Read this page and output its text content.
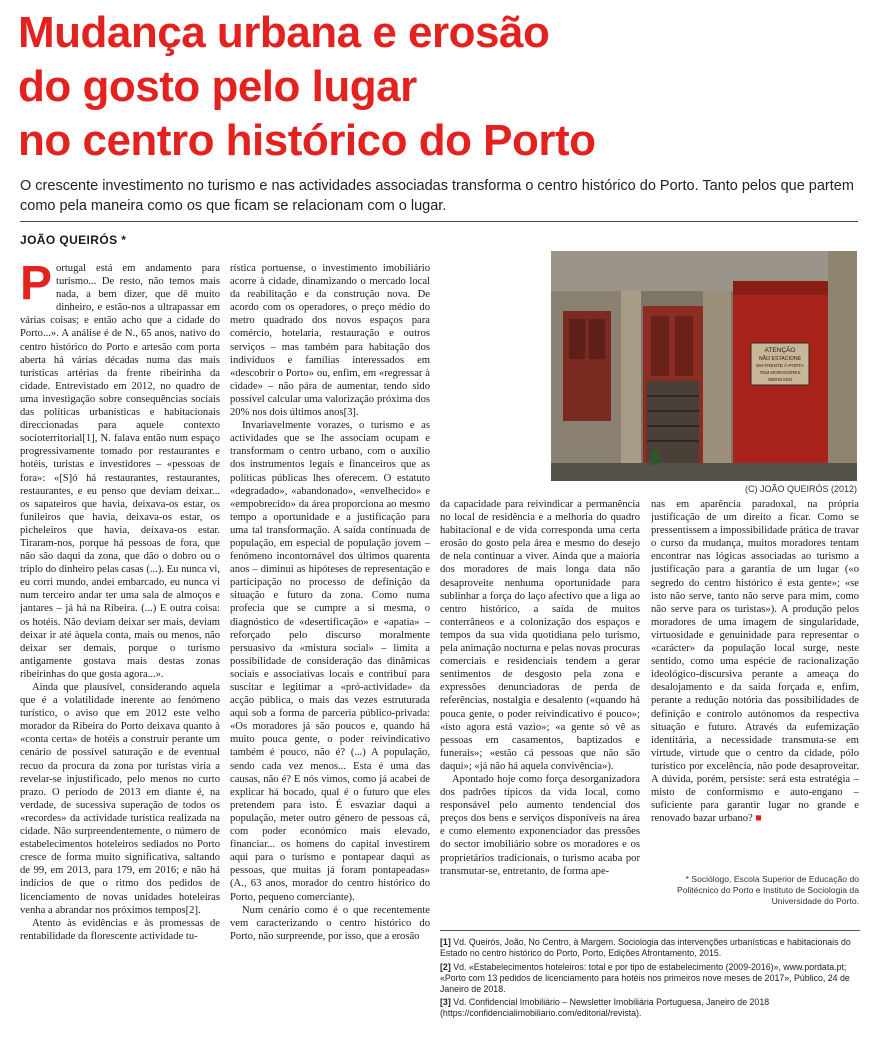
Mudança urbana e erosão
do gosto pelo lugar
no centro histórico do Porto

O crescente investimento no turismo e nas actividades associadas transforma o centro histórico do Porto. Tanto pelos que partem como pela maneira como os que ficam se relacionam com o lugar.

JOÃO QUEIRÓS *

Portugal está em andamento para turismo... De resto, não temos mais nada, a bem dizer, que dê muito dinheiro, e estão-nos a ultrapassar em várias coisas; e então acho que a cidade do Porto...». A análise é de N., 65 anos, nativo do centro histórico do Porto e artesão com porta aberta há várias décadas numa das mais turísticas artérias da frente ribeirinha da cidade. Entrevistado em 2012, no quadro de uma investigação sobre consequências sociais das políticas urbanísticas e habitacionais direccionadas para aquele contexto socioterritorial[1], N. falava então num espaço progressivamente tomado por restaurantes e hotéis, turistas e investidores – «pessoas de fora»: «[S]ó há restaurantes, restaurantes, restaurantes, e eu penso que deviam deixar... os sapateiros que havia, deixava-os estar, os funileiros que havia, deixava-os estar, os picheleiros que havia, deixava-os estar. Tiraram-nos, porque há pessoas de fora, que não são daqui da zona, que dão o dobro ou o triplo do dinheiro pelas casas (...). Eu nunca vi, eu corri mundo, andei embarcado, eu nunca vi num terceiro andar ter uma sala de almoços e jantares – já há na Ribeira. (...) E outra coisa: os hotéis. Não deviam deixar ser mais, deviam deixar ir até àquela conta, mais ou menos, não deixar ser demais, porque o turismo antigamente gostava mais destas zonas ribeirinhas do que gosta agora...».

Ainda que plausível, considerando aquela que é a volatilidade inerente ao fenómeno turístico, o aviso que em 2012 este velho morador da Ribeira do Porto deixava quanto à «conta certa» de hotéis a construir perante um cenário de possível saturação e de eventual recuo da procura da zona por turistas viria a revelar-se injustificado, pelo menos no curto prazo. O período de 2013 em diante é, na verdade, de sucessiva superação de todos os «recordes» da actividade turística realizada na cidade. Não surpreendentemente, o número de estabelecimentos hoteleiros sediados no Porto cresce de forma muito significativa, saltando de 99, em 2013, para 179, em 2016; e não há indícios de que o ritmo dos pedidos de licenciamento de novas unidades hoteleiras venha a abrandar nos próximos tempos[2].

Atento às evidências e às promessas de rentabilidade da florescente actividade tu-

rística portuense, o investimento imobiliário acorre à cidade, dinamizando o mercado local da reabilitação e da construção nova. De acordo com os operadores, o preço médio do metro quadrado dos novos espaços para comércio, hotelaria, restauração e outros serviços – mas também para habitação dos indivíduos e famílias interessados em «descobrir o Porto» ou, enfim, em «regressar à cidade» – não pára de aumentar, tendo sido possível calcular uma valorização próxima dos 20% nos dois últimos anos[3].

Invariavelmente vorazes, o turismo e as actividades que se lhe associam ocupam e transformam o centro urbano, com o auxílio dos instrumentos legais e financeiros que as políticas públicas lhes oferecem. O estatuto «degradado», «abandonado», «envelhecido» e «empobrecido» da área proporciona ao mesmo tempo a oportunidade e a justificação para uma tal transformação. A saída contínuada de população, em especial de população jovem – fenómeno incontornável dos últimos quarenta anos – diminui as hipóteses de representação e participação no processo de definição da situação e futuro da zona. Como numa profecia que se cumpre a si mesma, o diagnóstico de «desertificação» e «apatia» – reforçado pelo discurso moralmente persuasivo da «mistura social» – limita a possibilidade de consideração das dinâmicas sociais e associativas locais e contribui para suscitar e legitimar a «pró-actividade» da acção pública, o mais das vezes estruturada aqui sob a forma de parceria público-privada: «Os moradores já são poucos e, quando há muito pouca gente, o poder reivindicativo também é pouco, não é? (...) A população, sendo cada vez menos... Esta é uma das causas, não é? E nós vimos, como já acabei de explicar há bocado, qual é o futuro que eles pretendem para isto. É esvaziar daqui a população, meter outro género de pessoas cá, com poder económico mais elevado, financiar... os homens do capital investirem aqui para o turismo e pontapear daqui as pessoas, que muitas já foram pontapeadas» (A., 63 anos, morador do centro histórico do Porto, pequeno comerciante).

Num cenário como é o que recentemente vem caracterizando o centro histórico do Porto, não surpreende, por isso, que a erosão

ATENÇÃO
NÃO ESTACIONE
EM FRENTE À PORTA
TEM MORADORES
OBRIGADO
(C) JOÃO QUEIRÓS (2012)

da capacidade para reivindicar a permanência no local de residência e a melhoria do quadro habitacional e de vida corresponda uma certa erosão do gosto pela área e mesmo do desejo de nela continuar a viver. Ainda que a maioria dos moradores de mais longa data não desaproveite nenhuma oportunidade para sublinhar a força do laço afectivo que a liga ao centro histórico, a saída de muitos conterrâneos e a colonização dos espaços e tempos da sua vida quotidiana pelo turismo, pela animação nocturna e pelas novas procuras comerciais e residenciais tendem a gerar sentimentos de desgosto pela zona e expressões denunciadoras de perda de referências, nostalgia e desalento («quando há pouca gente, o poder reivindicativo é pouco»; «isto agora está vazio»; «a gente só vê as pessoas em casamentos, baptizados e funerais»; «estão cá pessoas que não são daqui»; «já não há aquela convivência»).

Apontado hoje como força desorganizadora dos padrões típicos da vida local, como responsável pelo aumento tendencial dos preços dos bens e serviços disponíveis na área e como elemento exponenciador das pressões do sector imobiliário sobre os moradores e os proprietários tradicionais, o turismo acaba por transmutar-se, entretanto, de forma ape-

nas em aparência paradoxal, na própria justificação de um direito a ficar. Como se pressentissem a impossibilidade prática de travar o curso da mudança, muitos moradores tentam encontrar nas lógicas associadas ao turismo a justificação para a garantia de um lugar («o segredo do centro histórico é esta gente»; «se isto não serve, tanto não serve para mim, como não serve para os turistas»). A produção pelos moradores de uma imagem de singularidade, virtuosidade e genuinidade para representar o «carácter» da população local surge, neste sentido, como uma espécie de racionalização ideológico-discursiva perante a ameaça do desalojamento e da saída forçada e, enfim, perante a redução notória das possibilidades de definição e controlo autónomos da respectiva situação e futuro. Através da eufemização identitária, a necessidade transmuta-se em virtude, virtude que o centro da cidade, pólo turístico por excelência, não pode desaproveitar. A dúvida, porém, persiste: será esta estratégia – misto de conformismo e auto-engano – suficiente para garantir lugar no grande e renovado bazar urbano? ■

* Sociólogo, Escola Superior de Educação do Politécnico do Porto e Instituto de Sociologia da Universidade do Porto.
[1] Vd. Queirós, João, No Centro, à Margem. Sociologia das intervenções urbanísticas e habitacionais do Estado no centro histórico do Porto, Porto, Edições Afrontamento, 2015.
[2] Vd. «Estabelecimentos hoteleiros: total e por tipo de estabelecimento (2009-2016)», www.pordata.pt; «Porto com 13 pedidos de licenciamento para hotéis nos primeiros nove meses de 2017», Público, 24 de Janeiro de 2018.
[3] Vd. Confidencial Imobiliário – Newsletter Imobiliária Portuguesa, Janeiro de 2018 (https://confidencialimobiliario.com/editorial/revista).
